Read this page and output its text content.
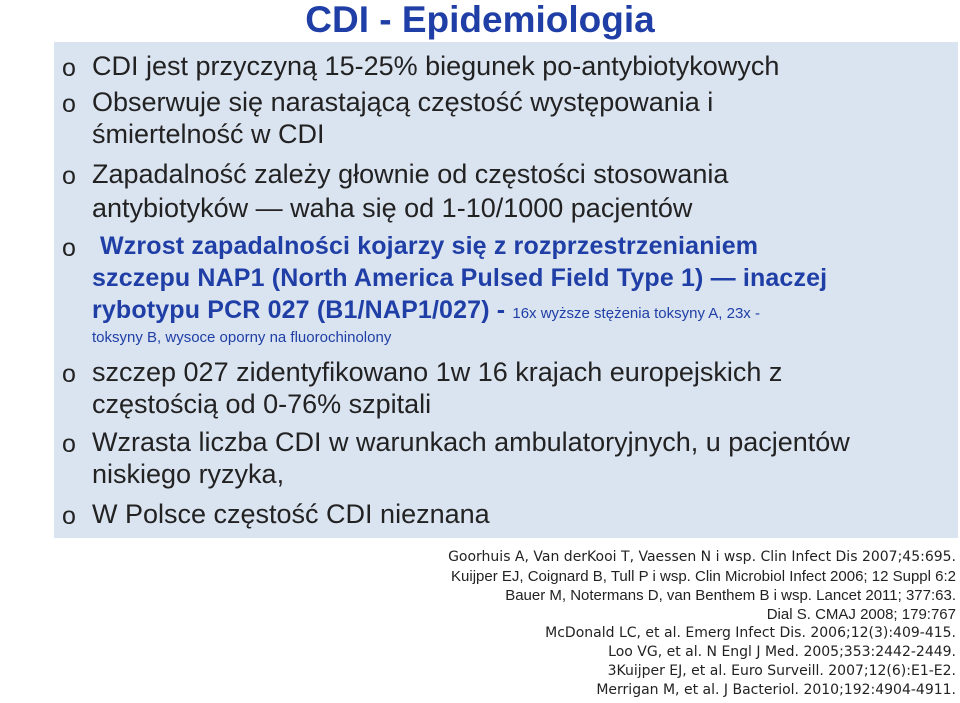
CDI - Epidemiologia
o CDI jest przyczyną 15-25% biegunek po-antybiotykowych
o Obserwuje się narastającą częstość występowania i
śmiertelność w CDI
o Zapadalność zależy głownie od częstości stosowania
antybiotyków — waha się od 1-10/1000 pacjentów
o Wzrost zapadalności kojarzy się z rozprzestrzenianiem
szczepu NAP1 (North America Pulsed Field Type 1) — inaczej
rybotypu PCR 027 (B1/NAP1/027) - 16x wyższe stężenia toksyny A, 23x -
toksyny B, wysoce oporny na fluorochinolony
o szczep 027 zidentyfikowano 1w 16 krajach europejskich z
częstością od 0-76% szpitali
o Wzrasta liczba CDI w warunkach ambulatoryjnych, u pacjentów
niskiego ryzyka,
o W Polsce częstość CDI nieznana
Goorhuis A, Van derKooi T, Vaessen N i wsp. Clin Infect Dis 2007;45:695.
Kuijper EJ, Coignard B, Tull P i wsp. Clin Microbiol Infect 2006; 12 Suppl 6:2
Bauer M, Notermans D, van Benthem B i wsp. Lancet 2011; 377:63.
Dial S. CMAJ 2008; 179:767
McDonald LC, et al. Emerg Infect Dis. 2006;12(3):409-415.
Loo VG, et al. N Engl J Med. 2005;353:2442-2449.
3Kuijper EJ, et al. Euro Surveill. 2007;12(6):E1-E2.
Merrigan M, et al. J Bacteriol. 2010;192:4904-4911.
